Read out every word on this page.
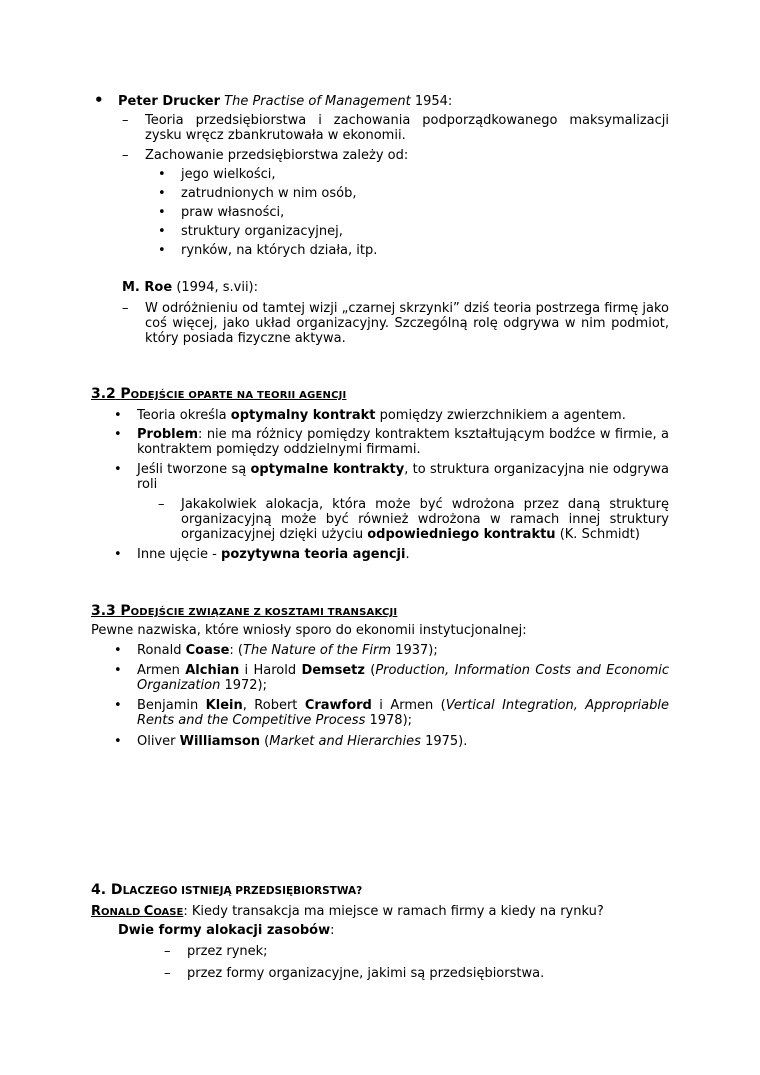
• Peter Drucker The Practise of Management 1954:

– Teoria przedsiębiorstwa i zachowania podporządkowanego maksymalizacji zysku wręcz zbankrutowała w ekonomii.

– Zachowanie przedsiębiorstwa zależy od:

• jego wielkości,

• zatrudnionych w nim osób,

• praw własności,

• struktury organizacyjnej,

• rynków, na których działa, itp.

M. Roe (1994, s.vii):

– W odróżnieniu od tamtej wizji „czarnej skrzynki” dziś teoria postrzega firmę jako coś więcej, jako układ organizacyjny. Szczególną rolę odgrywa w nim podmiot, który posiada fizyczne aktywa.

3.2 PODEJŚCIE OPARTE NA TEORII AGENCJI

• Teoria określa optymalny kontrakt pomiędzy zwierzchnikiem a agentem.

• Problem: nie ma różnicy pomiędzy kontraktem kształtującym bodźce w firmie, a kontraktem pomiędzy oddzielnymi firmami.

• Jeśli tworzone są optymalne kontrakty, to struktura organizacyjna nie odgrywa roli

– Jakakolwiek alokacja, która może być wdrożona przez daną strukturę organizacyjną może być również wdrożona w ramach innej struktury organizacyjnej dzięki użyciu odpowiedniego kontraktu (K. Schmidt)

• Inne ujęcie - pozytywna teoria agencji.

3.3 PODEJŚCIE ZWIĄZANE Z KOSZTAMI TRANSAKCJI

Pewne nazwiska, które wniosły sporo do ekonomii instytucjonalnej:

• Ronald Coase: (The Nature of the Firm 1937);

• Armen Alchian i Harold Demsetz (Production, Information Costs and Economic Organization 1972);

• Benjamin Klein, Robert Crawford i Armen (Vertical Integration, Appropriable Rents and the Competitive Process 1978);

• Oliver Williamson (Market and Hierarchies 1975).

4. DLACZEGO ISTNIEJĄ PRZEDSIĘBIORSTWA?

RONALD COASE: Kiedy transakcja ma miejsce w ramach firmy a kiedy na rynku?

Dwie formy alokacji zasobów:

– przez rynek;

– przez formy organizacyjne, jakimi są przedsiębiorstwa.
